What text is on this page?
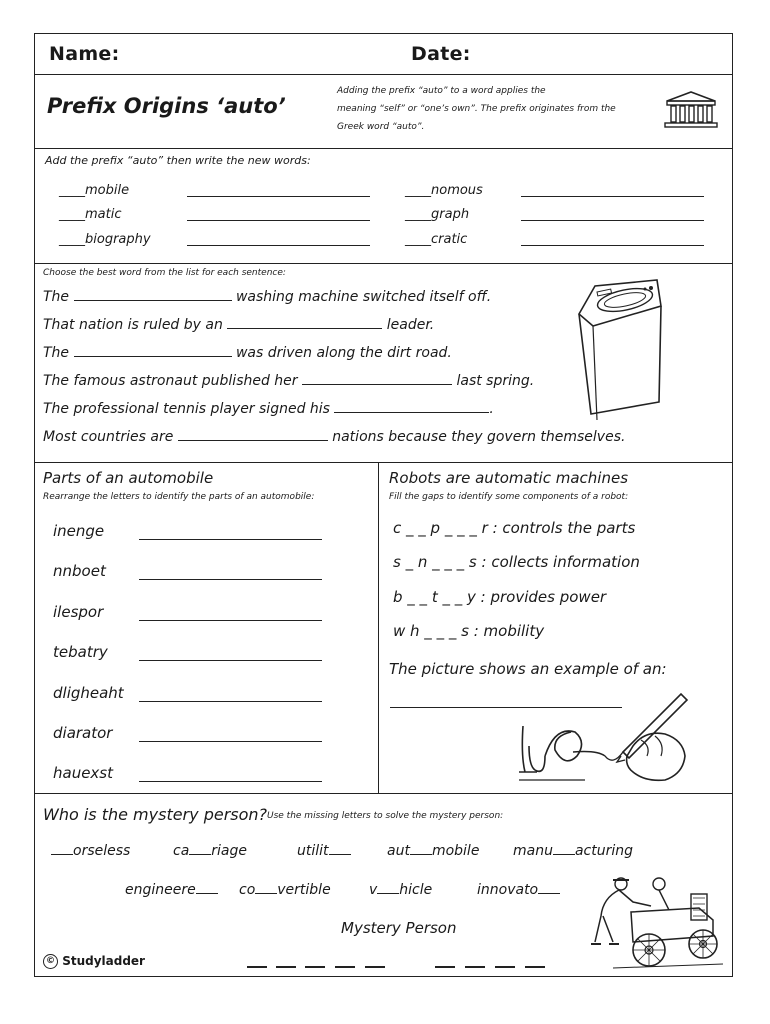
Name:	Date:
Prefix Origins ‘auto’
Adding the prefix “auto” to a word applies the
meaning “self” or “one’s own”. The prefix originates from the
Greek word “auto”.
Add the prefix “auto” then write the new words:
____mobile
____matic
____biography
____nomous
____graph
____cratic
Choose the best word from the list for each sentence:
The	washing machine switched itself off.
That nation is ruled by an	leader.
The	was driven along the dirt road.
The famous astronaut published her	last spring.
The professional tennis player signed his	.
Most countries are	nations because they govern themselves.
Parts of an automobile
Rearrange the letters to identify the parts of an automobile:
inenge
nnboet
ilespor
tebatry
dligheaht
diarator
hauexst
Robots are automatic machines
Fill the gaps to identify some components of a robot:
c _ _ p _ _ _ r : controls the parts
s _ n _ _ _ s : collects information
b _ _ t _ _ y : provides power
w h _ _ _ s : mobility
The picture shows an example of an:
Who is the mystery person? Use the missing letters to solve the mystery person:
orseless	ca riage	utilit	aut mobile manu acturing
engineere	co vertible	v hicle	innovato
Mystery Person
© Studyladder
